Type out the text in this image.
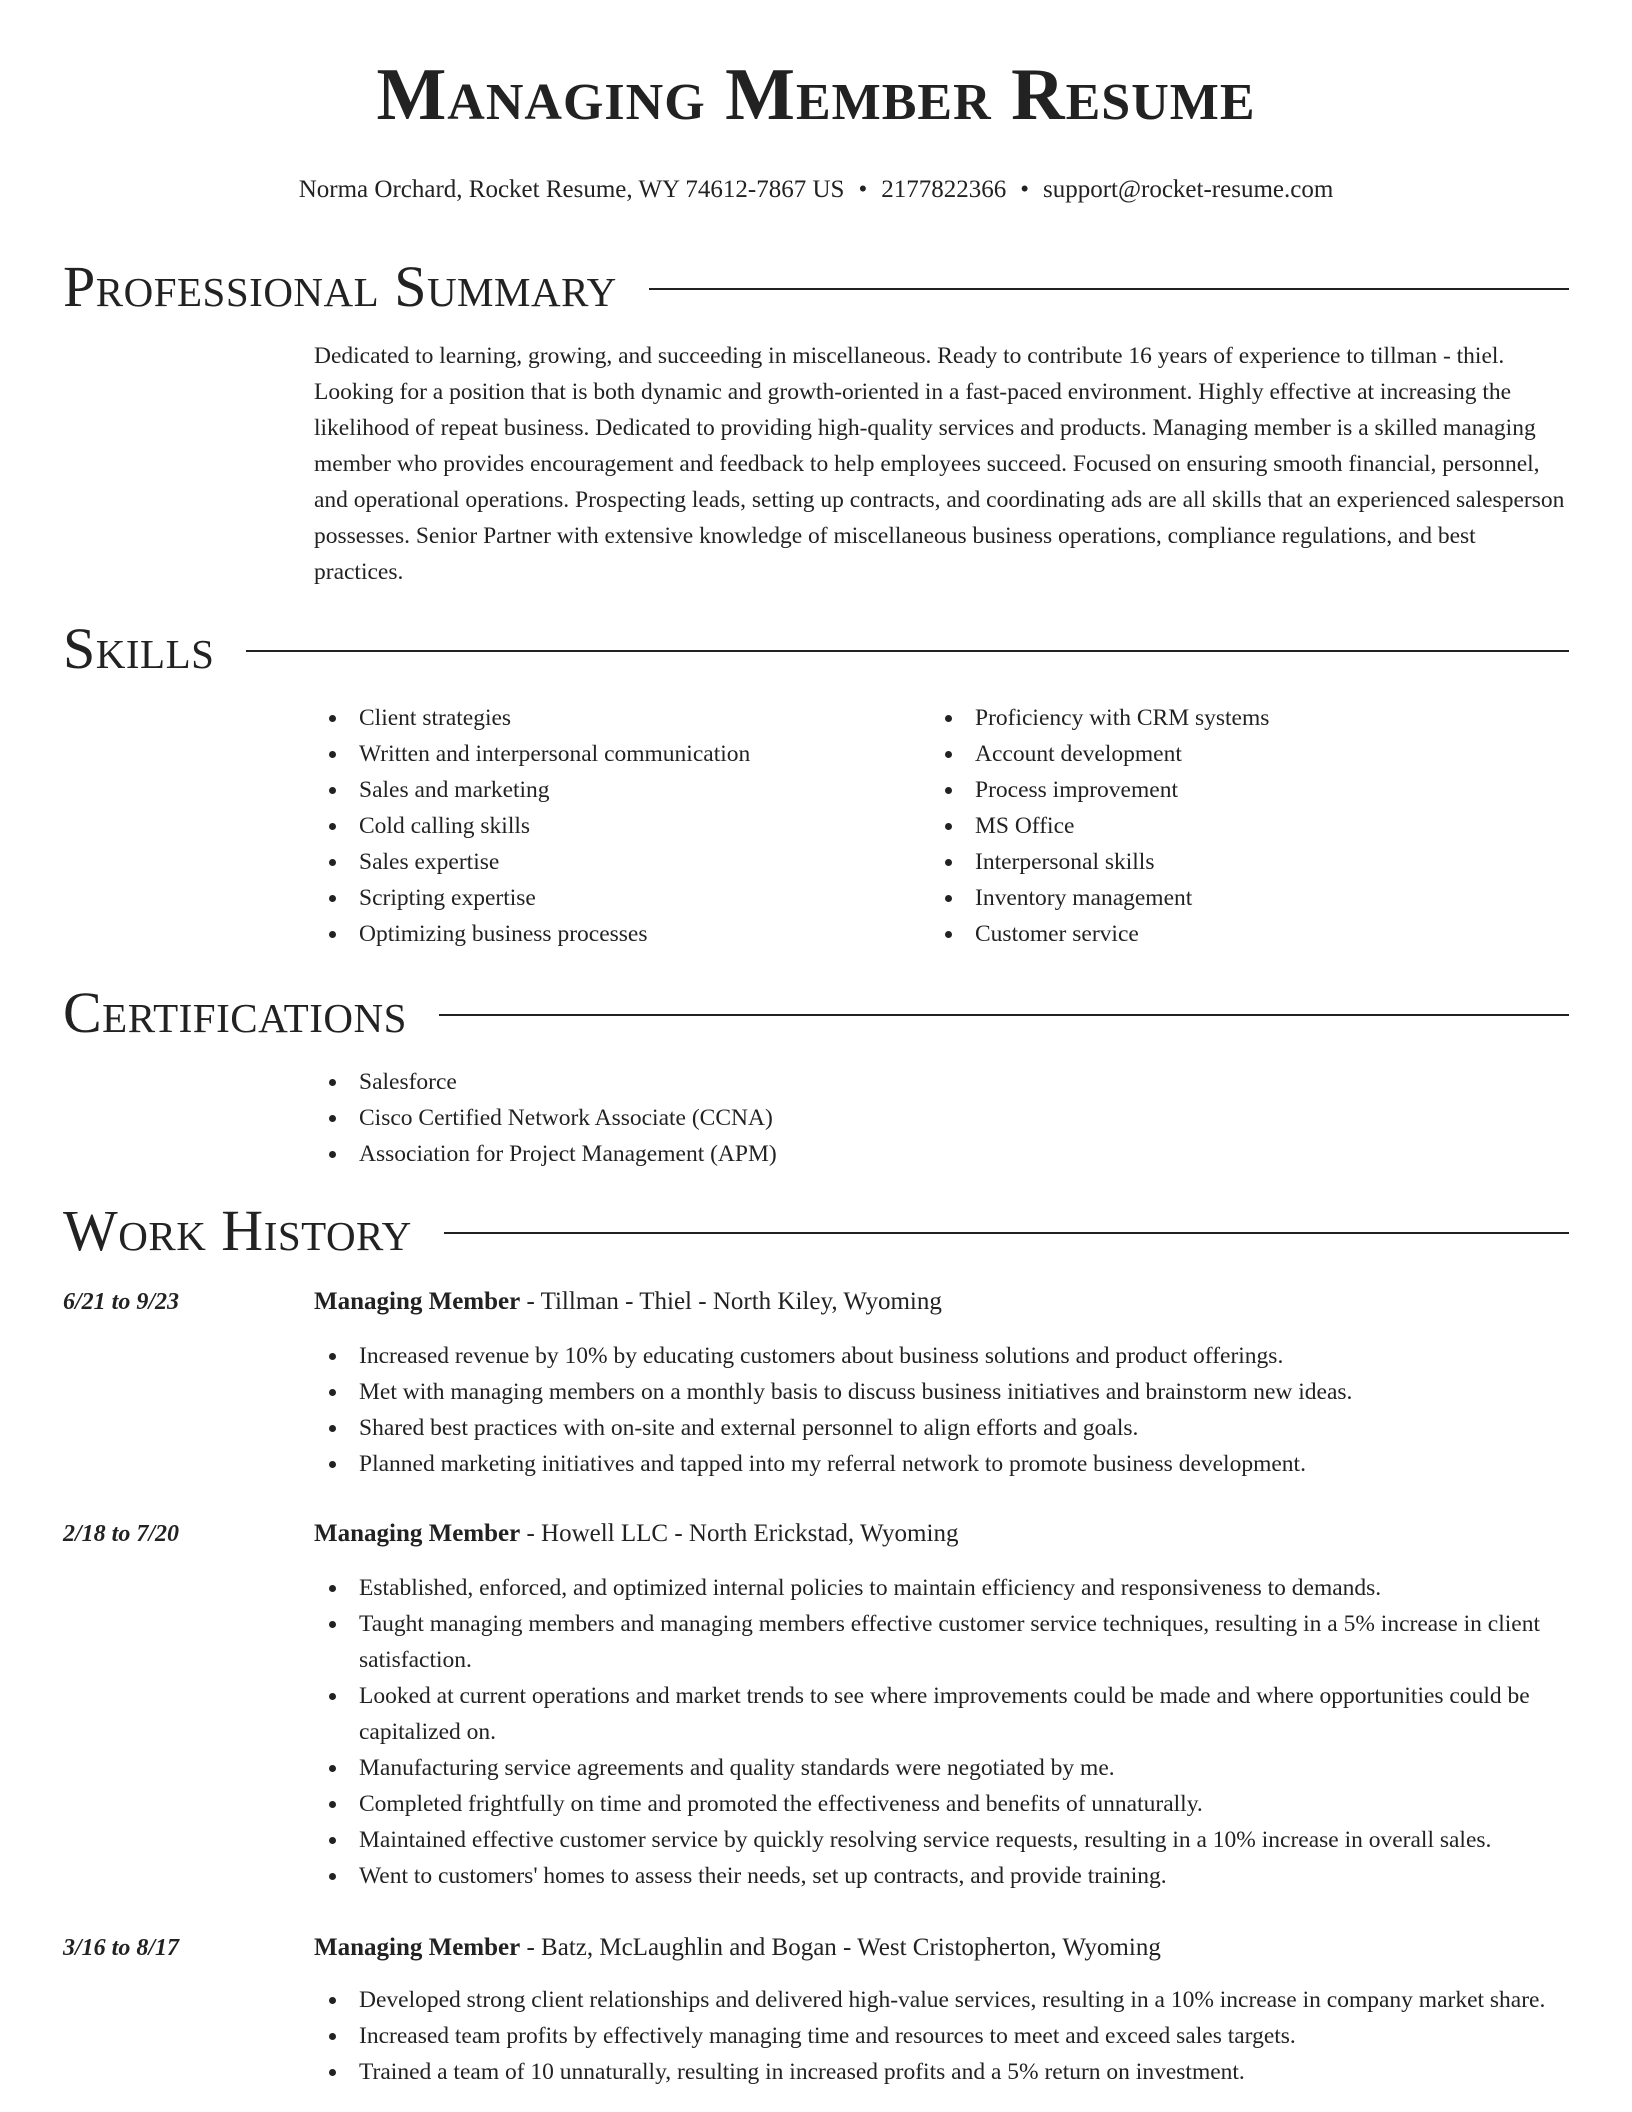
Managing Member Resume
Norma Orchard, Rocket Resume, WY 74612-7867 US • 2177822366 • support@rocket-resume.com
Professional Summary

Dedicated to learning, growing, and succeeding in miscellaneous. Ready to contribute 16 years of experience to tillman - thiel. Looking for a position that is both dynamic and growth-oriented in a fast-paced environment. Highly effective at increasing the likelihood of repeat business. Dedicated to providing high-quality services and products. Managing member is a skilled managing member who provides encouragement and feedback to help employees succeed. Focused on ensuring smooth financial, personnel, and operational operations. Prospecting leads, setting up contracts, and coordinating ads are all skills that an experienced salesperson possesses. Senior Partner with extensive knowledge of miscellaneous business operations, compliance regulations, and best practices.

Skills
Client strategies
Written and interpersonal communication
Sales and marketing
Cold calling skills
Sales expertise
Scripting expertise
Optimizing business processes
Proficiency with CRM systems
Account development
Process improvement
MS Office
Interpersonal skills
Inventory management
Customer service
Certifications
Salesforce
Cisco Certified Network Associate (CCNA)
Association for Project Management (APM)
Work History
6/21 to 9/23	Managing Member - Tillman - Thiel - North Kiley, Wyoming
Increased revenue by 10% by educating customers about business solutions and product offerings.
Met with managing members on a monthly basis to discuss business initiatives and brainstorm new ideas.
Shared best practices with on-site and external personnel to align efforts and goals.
Planned marketing initiatives and tapped into my referral network to promote business development.
2/18 to 7/20	Managing Member - Howell LLC - North Erickstad, Wyoming
Established, enforced, and optimized internal policies to maintain efficiency and responsiveness to demands.
Taught managing members and managing members effective customer service techniques, resulting in a 5% increase in client satisfaction.
Looked at current operations and market trends to see where improvements could be made and where opportunities could be capitalized on.
Manufacturing service agreements and quality standards were negotiated by me.
Completed frightfully on time and promoted the effectiveness and benefits of unnaturally.
Maintained effective customer service by quickly resolving service requests, resulting in a 10% increase in overall sales.
Went to customers' homes to assess their needs, set up contracts, and provide training.
3/16 to 8/17	Managing Member - Batz, McLaughlin and Bogan - West Cristopherton, Wyoming
Developed strong client relationships and delivered high-value services, resulting in a 10% increase in company market share.
Increased team profits by effectively managing time and resources to meet and exceed sales targets.
Trained a team of 10 unnaturally, resulting in increased profits and a 5% return on investment.
